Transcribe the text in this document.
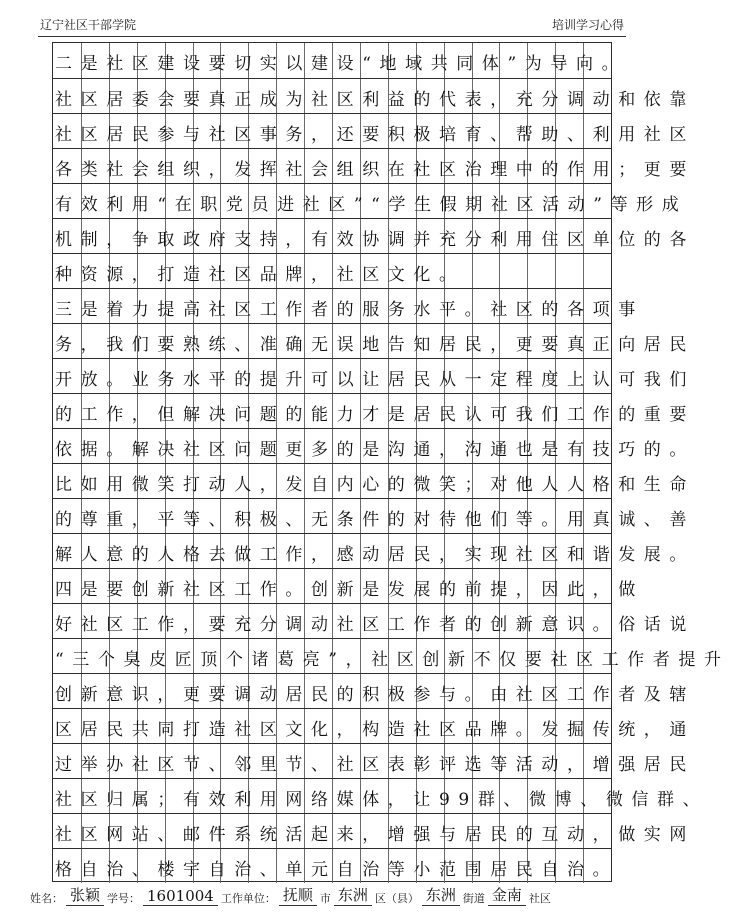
辽宁社区干部学院	培训学习心得
二是社区建设要切实以建设“地域共同体”为导向。
社区居委会要真正成为社区利益的代表，充分调动和依靠
社区居民参与社区事务，还要积极培育、帮助、利用社区
各类社会组织，发挥社会组织在社区治理中的作用；更要
有效利用“在职党员进社区”“学生假期社区活动”等形成
机制，争取政府支持，有效协调并充分利用住区单位的各
种资源，打造社区品牌，社区文化。
三是着力提高社区工作者的服务水平。社区的各项事
务，我们要熟练、准确无误地告知居民，更要真正向居民
开放。业务水平的提升可以让居民从一定程度上认可我们
的工作，但解决问题的能力才是居民认可我们工作的重要
依据。解决社区问题更多的是沟通，沟通也是有技巧的。
比如用微笑打动人，发自内心的微笑；对他人人格和生命
的尊重，平等、积极、无条件的对待他们等。用真诚、善
解人意的人格去做工作，感动居民，实现社区和谐发展。
四是要创新社区工作。创新是发展的前提，因此，做
好社区工作，要充分调动社区工作者的创新意识。俗话说
“三个臭皮匠顶个诸葛亮”，社区创新不仅要社区工作者提升
创新意识，更要调动居民的积极参与。由社区工作者及辖
区居民共同打造社区文化，构造社区品牌。发掘传统，通
过举办社区节、邻里节、社区表彰评选等活动，增强居民
社区归属；有效利用网络媒体，让99群、微博、微信群、
社区网站、邮件系统活起来，增强与居民的互动，做实网
格自治、楼宇自治、单元自治等小范围居民自治。
姓名： 张颖 学号： 1601004 工作单位： 抚顺 市 东洲 区（县） 东洲 街道 金南 社区
